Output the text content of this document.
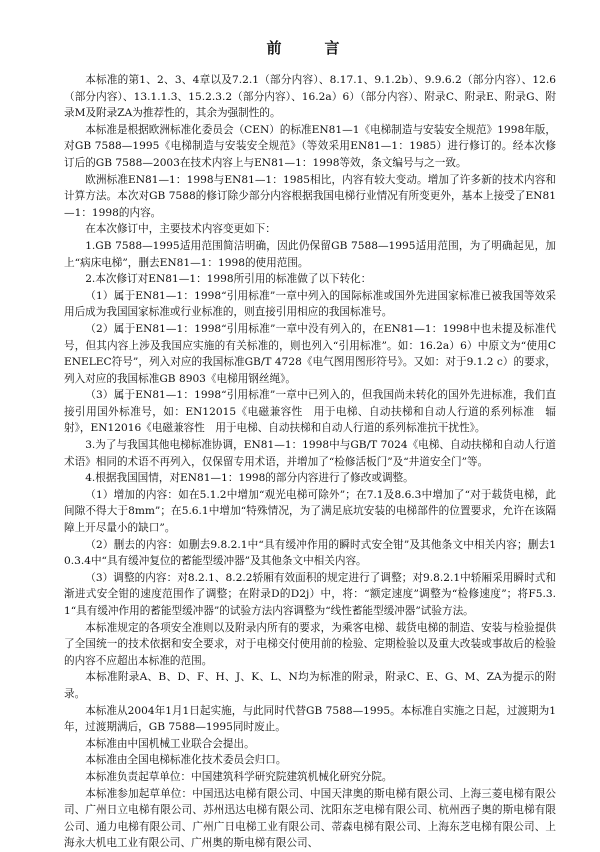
前　言

本标准的第1、2、3、4章以及7.2.1（部分内容）、8.17.1、9.1.2b）、9.9.6.2（部分内容）、12.6（部分内容）、13.1.1.3、15.2.3.2（部分内容）、16.2a）6）（部分内容）、附录C、附录E、附录G、附录M及附录ZA为推荐性的，其余为强制性的。

本标准是根据欧洲标准化委员会（CEN）的标准EN81—1《电梯制造与安装安全规范》1998年版，对GB 7588—1995《电梯制造与安装安全规范》（等效采用EN81—1：1985）进行修订的。经本次修订后的GB 7588—2003在技术内容上与EN81—1：1998等效，条文编号与之一致。

欧洲标准EN81—1：1998与EN81—1：1985相比，内容有较大变动。增加了许多新的技术内容和计算方法。本次对GB 7588的修订除少部分内容根据我国电梯行业情况有所变更外，基本上接受了EN81—1：1998的内容。

在本次修订中，主要技术内容变更如下：

1.GB 7588—1995适用范围简洁明确，因此仍保留GB 7588—1995适用范围，为了明确起见，加上“病床电梯”，删去EN81—1：1998的使用范围。

2.本次修订对EN81—1：1998所引用的标准做了以下转化：

（1）属于EN81—1：1998“引用标准”一章中列入的国际标准或国外先进国家标准已被我国等效采用后成为我国国家标准或行业标准的，则直接引用相应的我国标准号。

（2）属于EN81—1：1998“引用标准”一章中没有列入的，在EN81—1：1998中也未提及标准代号，但其内容上涉及我国应实施的有关标准的，则也列入“引用标准”。如：16.2a）6）中原文为“使用CENELEC符号”，列入对应的我国标准GB/T 4728《电气图用图形符号》。又如：对于9.1.2 c）的要求，列入对应的我国标准GB 8903《电梯用钢丝绳》。

（3）属于EN81—1：1998“引用标准”一章中已列入的，但我国尚未转化的国外先进标准，我们直接引用国外标准号，如：EN12015《电磁兼容性　用于电梯、自动扶梯和自动人行道的系列标准　辐射》，EN12016《电磁兼容性　用于电梯、自动扶梯和自动人行道的系列标准抗干扰性》。

3.为了与我国其他电梯标准协调，EN81—1：1998中与GB/T 7024《电梯、自动扶梯和自动人行道术语》相同的术语不再列入，仅保留专用术语，并增加了“检修活板门”及“井道安全门”等。

4.根据我国国情，对EN81—1：1998的部分内容进行了修改或调整。

（1）增加的内容：如在5.1.2中增加“观光电梯可除外”；在7.1及8.6.3中增加了“对于载货电梯，此间隙不得大于8mm”；在5.6.1中增加“特殊情况，为了满足底坑安装的电梯部件的位置要求，允许在该隔障上开尽量小的缺口”。

（2）删去的内容：如删去9.8.2.1中“具有缓冲作用的瞬时式安全钳”及其他条文中相关内容；删去10.3.4中“具有缓冲复位的蓄能型缓冲器”及其他条文中相关内容。

（3）调整的内容：对8.2.1、8.2.2轿厢有效面积的规定进行了调整；对9.8.2.1中轿厢采用瞬时式和渐进式安全钳的速度范围作了调整；在附录D的D2j）中，将：“额定速度”调整为“检修速度”；将F5.3.1“具有缓冲作用的蓄能型缓冲器”的试验方法内容调整为“线性蓄能型缓冲器”试验方法。

本标准规定的各项安全准则以及附录内所有的要求，为乘客电梯、载货电梯的制造、安装与检验提供了全国统一的技术依据和安全要求，对于电梯交付使用前的检验、定期检验以及重大改装或事故后的检验的内容不应超出本标准的范围。

本标准附录A、B、D、F、H、J、K、L、N均为标准的附录，附录C、E、G、M、ZA为提示的附录。

本标准从2004年1月1日起实施，与此同时代替GB 7588—1995。本标准自实施之日起，过渡期为1年，过渡期满后，GB 7588—1995同时废止。

本标准由中国机械工业联合会提出。

本标准由全国电梯标准化技术委员会归口。

本标准负责起草单位：中国建筑科学研究院建筑机械化研究分院。

本标准参加起草单位：中国迅达电梯有限公司、中国天津奥的斯电梯有限公司、上海三菱电梯有限公司、广州日立电梯有限公司、苏州迅达电梯有限公司、沈阳东芝电梯有限公司、杭州西子奥的斯电梯有限公司、通力电梯有限公司、广州广日电梯工业有限公司、蒂森电梯有限公司、上海东芝电梯有限公司、上海永大机电工业有限公司、广州奥的斯电梯有限公司、
